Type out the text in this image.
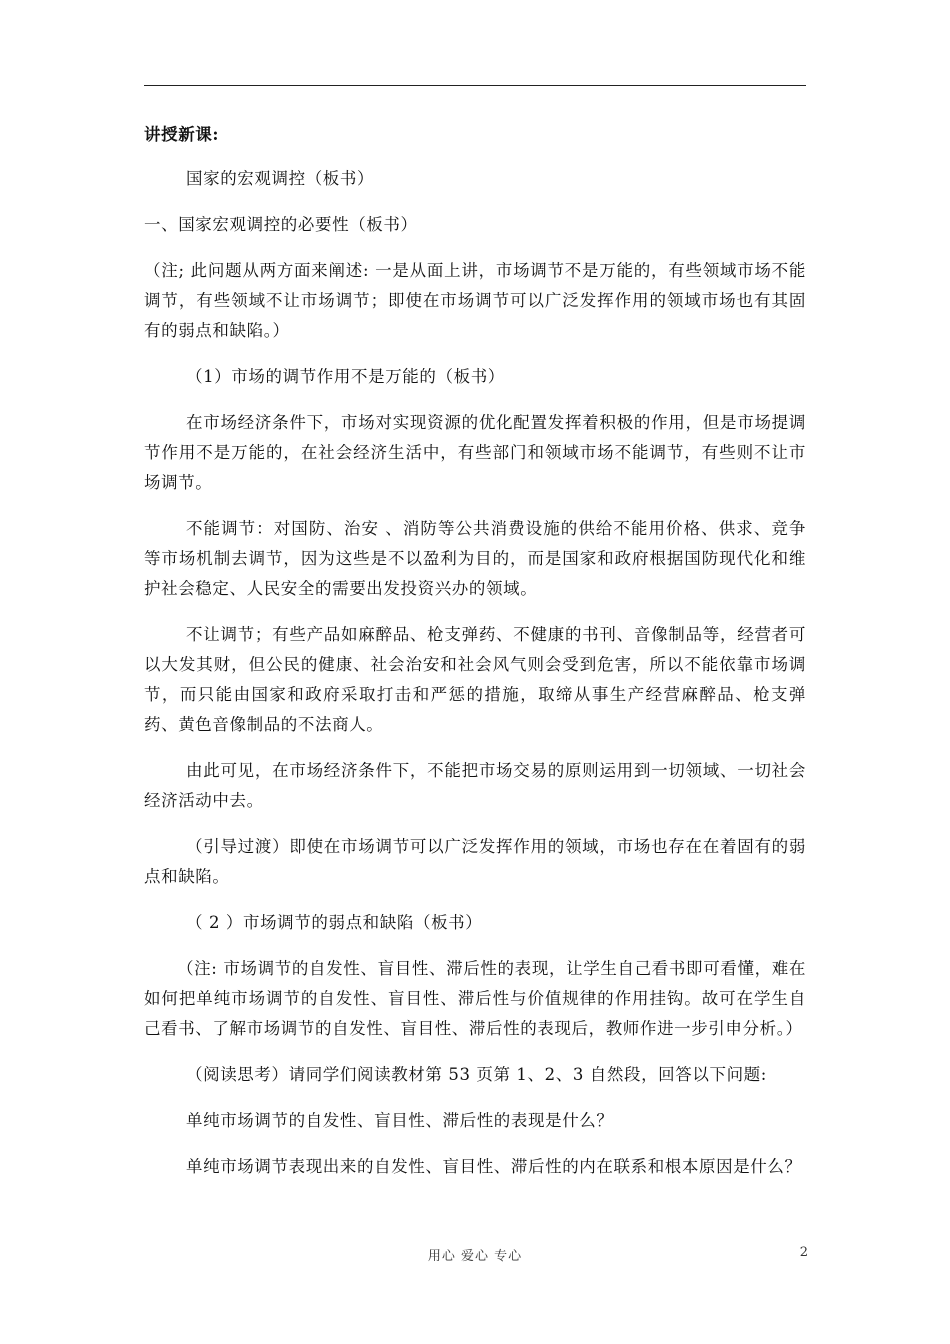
讲授新课:

国家的宏观调控（板书）

一、国家宏观调控的必要性（板书）

（注; 此问题从两方面来阐述: 一是从面上讲，市场调节不是万能的，有些领域市场不能调节，有些领域不让市场调节；即使在市场调节可以广泛发挥作用的领域市场也有其固有的弱点和缺陷。）

（1）市场的调节作用不是万能的（板书）

在市场经济条件下，市场对实现资源的优化配置发挥着积极的作用，但是市场提调节作用不是万能的，在社会经济生活中，有些部门和领域市场不能调节，有些则不让市场调节。

不能调节：对国防、治安 、消防等公共消费设施的供给不能用价格、供求、竞争等市场机制去调节，因为这些是不以盈利为目的，而是国家和政府根据国防现代化和维护社会稳定、人民安全的需要出发投资兴办的领域。

不让调节；有些产品如麻醉品、枪支弹药、不健康的书刊、音像制品等，经营者可以大发其财，但公民的健康、社会治安和社会风气则会受到危害，所以不能依靠市场调节，而只能由国家和政府采取打击和严惩的措施，取缔从事生产经营麻醉品、枪支弹药、黄色音像制品的不法商人。

由此可见，在市场经济条件下，不能把市场交易的原则运用到一切领域、一切社会经济活动中去。

（引导过渡）即使在市场调节可以广泛发挥作用的领域，市场也存在在着固有的弱点和缺陷。

（ 2 ）市场调节的弱点和缺陷（板书）

（注: 市场调节的自发性、盲目性、滞后性的表现，让学生自己看书即可看懂，难在如何把单纯市场调节的自发性、盲目性、滞后性与价值规律的作用挂钩。故可在学生自己看书、了解市场调节的自发性、盲目性、滞后性的表现后，教师作进一步引申分析。）

（阅读思考）请同学们阅读教材第 53 页第 1、2、3 自然段，回答以下问题:

单纯市场调节的自发性、盲目性、滞后性的表现是什么？

单纯市场调节表现出来的自发性、盲目性、滞后性的内在联系和根本原因是什么？

用心 爱心 专心	2
